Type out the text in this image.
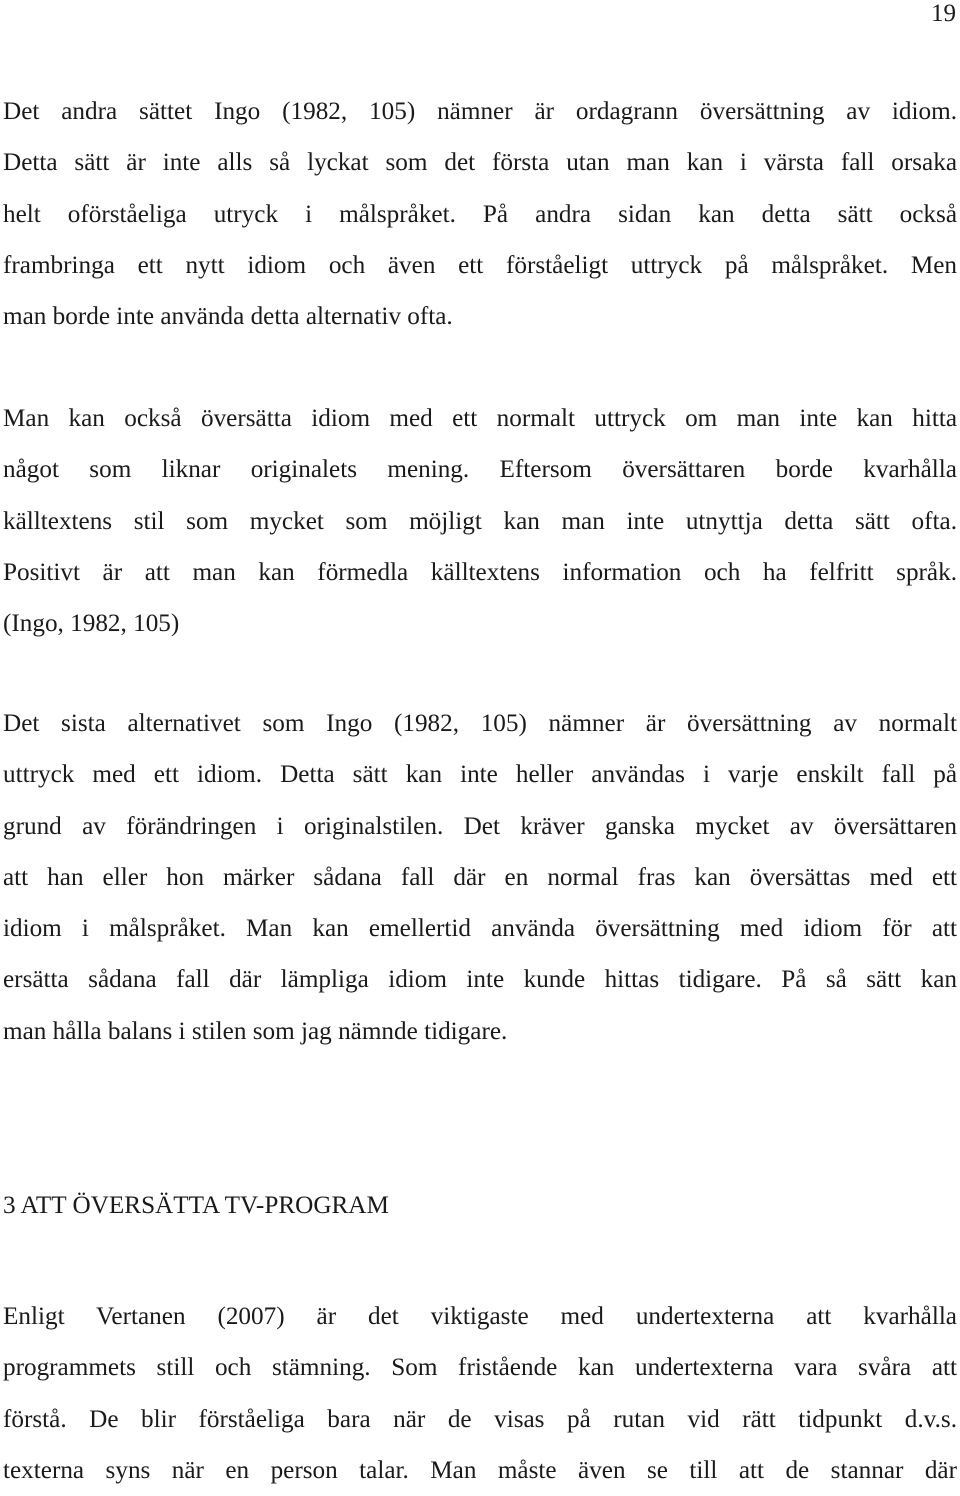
19
Det andra sättet Ingo (1982, 105) nämner är ordagrann översättning av idiom.
Detta sätt är inte alls så lyckat som det första utan man kan i värsta fall orsaka
helt oförståeliga utryck i målspråket. På andra sidan kan detta sätt också
frambringa ett nytt idiom och även ett förståeligt uttryck på målspråket. Men
man borde inte använda detta alternativ ofta.
Man kan också översätta idiom med ett normalt uttryck om man inte kan hitta
något som liknar originalets mening. Eftersom översättaren borde kvarhålla
källtextens stil som mycket som möjligt kan man inte utnyttja detta sätt ofta.
Positivt är att man kan förmedla källtextens information och ha felfritt språk.
(Ingo, 1982, 105)
Det sista alternativet som Ingo (1982, 105) nämner är översättning av normalt
uttryck med ett idiom. Detta sätt kan inte heller användas i varje enskilt fall på
grund av förändringen i originalstilen. Det kräver ganska mycket av översättaren
att han eller hon märker sådana fall där en normal fras kan översättas med ett
idiom i målspråket. Man kan emellertid använda översättning med idiom för att
ersätta sådana fall där lämpliga idiom inte kunde hittas tidigare. På så sätt kan
man hålla balans i stilen som jag nämnde tidigare.
3 ATT ÖVERSÄTTA TV-PROGRAM
Enligt Vertanen (2007) är det viktigaste med undertexterna att kvarhålla
programmets still och stämning. Som fristående kan undertexterna vara svåra att
förstå. De blir förståeliga bara när de visas på rutan vid rätt tidpunkt d.v.s.
texterna syns när en person talar. Man måste även se till att de stannar där
